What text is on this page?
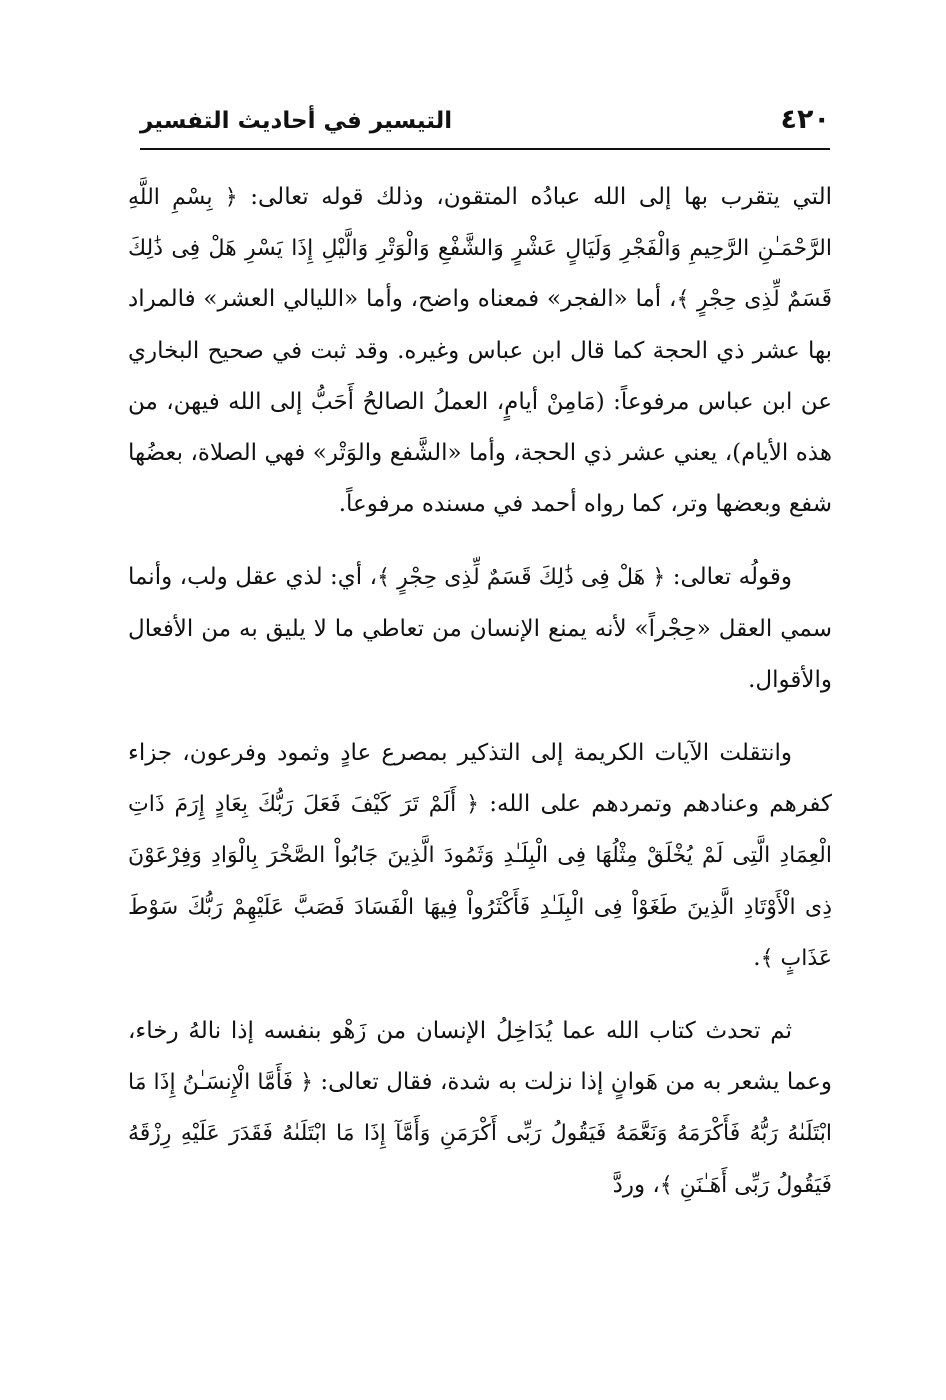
٤٢٠
التيسير في أحاديث التفسير

التي يتقرب بها إلى الله عبادُه المتقون، وذلك قوله تعالى: ﴿ بِسْمِ اللَّهِ الرَّحْمَـٰنِ الرَّحِيمِ وَالْفَجْرِ وَلَيَالٍ عَشْرٍ وَالشَّفْعِ وَالْوَتْرِ وَالَّيْلِ إِذَا يَسْرِ هَلْ فِى ذَٰلِكَ قَسَمٌ لِّذِى حِجْرٍ ﴾، أما «الفجر» فمعناه واضح، وأما «الليالي العشر» فالمراد بها عشر ذي الحجة كما قال ابن عباس وغيره. وقد ثبت في صحيح البخاري عن ابن عباس مرفوعاً: (مَامِنْ أيامٍ، العملُ الصالحُ أَحَبُّ إلى الله فيهن، من هذه الأيام)، يعني عشر ذي الحجة، وأما «الشَّفع والوَتْر» فهي الصلاة، بعضُها شفع وبعضها وتر، كما رواه أحمد في مسنده مرفوعاً.

وقولُه تعالى: ﴿ هَلْ فِى ذَٰلِكَ قَسَمٌ لِّذِى حِجْرٍ ﴾، أي: لذي عقل ولب، وأنما سمي العقل «حِجْراً» لأنه يمنع الإنسان من تعاطي ما لا يليق به من الأفعال والأقوال.

وانتقلت الآيات الكريمة إلى التذكير بمصرع عادٍ وثمود وفرعون، جزاء كفرهم وعنادهم وتمردهم على الله: ﴿ أَلَمْ تَرَ كَيْفَ فَعَلَ رَبُّكَ بِعَادٍ إِرَمَ ذَاتِ الْعِمَادِ الَّتِى لَمْ يُخْلَقْ مِثْلُهَا فِى الْبِلَـٰدِ وَثَمُودَ الَّذِينَ جَابُواْ الصَّخْرَ بِالْوَادِ وَفِرْعَوْنَ ذِى الْأَوْتَادِ الَّذِينَ طَغَوْاْ فِى الْبِلَـٰدِ فَأَكْثَرُواْ فِيهَا الْفَسَادَ فَصَبَّ عَلَيْهِمْ رَبُّكَ سَوْطَ عَذَابٍ ﴾.

ثم تحدث كتاب الله عما يُدَاخِلُ الإنسان من زَهْو بنفسه إذا نالهُ رخاء، وعما يشعر به من هَوانٍ إذا نزلت به شدة، فقال تعالى: ﴿ فَأَمَّا الْإِنسَـٰنُ إِذَا مَا ابْتَلَىٰهُ رَبُّهُ فَأَكْرَمَهُ وَنَعَّمَهُ فَيَقُولُ رَبِّى أَكْرَمَنِ وَأَمَّآ إِذَا مَا ابْتَلَىٰهُ فَقَدَرَ عَلَيْهِ رِزْقَهُ فَيَقُولُ رَبِّى أَهَـٰنَنِ ﴾، وردَّ
